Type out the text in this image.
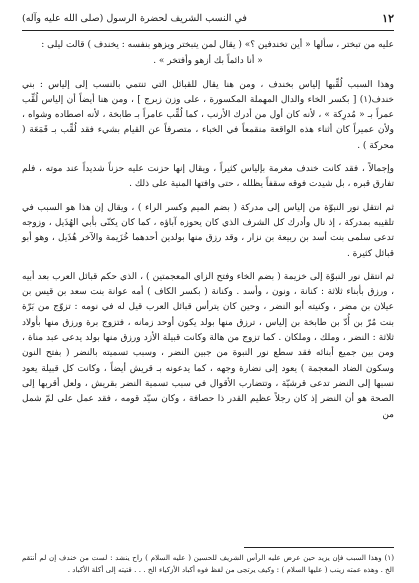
١٢
في النسب الشريف لحضرة الرسول (صلى الله عليه وآله)

عليه من تبختر ، سألها « أين تخندفين ؟» ( يقال لمن يتبختر ويزهو بنفسه : يخندف ) قالت ليلى :

« أنا دائماً بك أزهو وأفتخر » .

وهذا السبب لُقِّبها إلياس بخندف ، ومن هنا يقال للقبائل التي تنتمي بالنسب إلى إلياس : بني خندف(١) [ بكسر الخاء والدال المهملة المكسورة ، على وزن زبرج ] ، ومن هنا أيضاً أن إلياس لُقِّب عمراً بـ « مُدرِكة » ، لأنه كان أول من أدرك الأرنب ، كما لُقِّب عامراً بـ طابخة ، لأنه اصطاده وشواه ، ولأن عميراً كان أثناء هذه الواقعة منقمعاً في الخباء ، متصرفاً عن القيام بشيء فقد لُقِّب بـ قَمَعَة ( محركة ) .

وإجمالاً ، فقد كانت خندف مغرمة بإلياس كثيراً ، ويقال إنها حزنت عليه حزناً شديداً عند موته ، فلم تفارق قبره ، بل شيدت فوقه سقفاً يظلله ، حتى وافتها المنية على ذلك .

ثم انتقل نور النبوّة من إلياس إلى مدركة ( بضم الميم وكسر الراء ) ، ويقال إن هذا هو السبب في تلقيبه بمدركة ، إذ نال وأدرك كل الشرف الذي كان يحوزه آباؤه ، كما كان يكنّى بأبي الهُذَيل ، وزوجه تدعى سلمى بنت أسد بن ربيعة بن نزار ، وقد رزق منها بولدين أحدهما خُزَيمة والآخر هُذَيل ، وهو أبو قبائل كثيرة .

ثم انتقل نور النبوّة إلى خزيمة ( بضم الخاء وفتح الزاي المعجمتين ) ، الذي حكم قبائل العرب بعد أبيه ، ورزق بأبناء ثلاثة : كنانة ، ونون ، وأسد . وكنانة ( بكسر الكاف ) أمه عوانة بنت سعد بن قيس بن عيلان بن مضر ، وكنيته أبو النضر ، وحين كان يترأس قبائل العرب قيل له في نومه : تزوّج من بَرّة بنت مُرّ بن أُدّ بن طابخة بن إلياس ، ترزق منها بولد يكون أوحد زمانه ، فتزوج برة ورزق منها بأولاد ثلاثة : النضر ، وملك ، وملكان . كما تزوج من هالة وكانت قبيلة الأزد ورزق منها بولد يدعى عبد مناة ، ومن بين جميع أبنائه فقد سطع نور النبوة من جبين النضر ، وسبب تسميته بالنضر ( بفتح النون وسكون الضاد المعجمة ) يعود إلى نضارة وجهه ، كما يدعونه بـ قريش أيضاً ، وكانت كل قبيلة يعود نسبها إلى النضر تدعى قرشيّة ، وتتضارب الأقوال في سبب تسمية النضر بقريش ، ولعل أقربها إلى الصحة هو أن النضر إذ كان رجلاً عظيم القدر ذا حصافة ، وكان سيّد قومه ، فقد عمل على لمّ شمل من

(١) وهذا السبب فإن يزيد حين عرض عليه الرأس الشريف للحسين ( عليه السلام ) راح ينشد : لست من خندف إن لم أنتقم الخ . وهذه عمته زينب ( عليها السلام ) : وكيف يرتجى من لفظ فوه أكباد الأزكياء الخ . . . قتيته إلى أكلة الأكباد .
